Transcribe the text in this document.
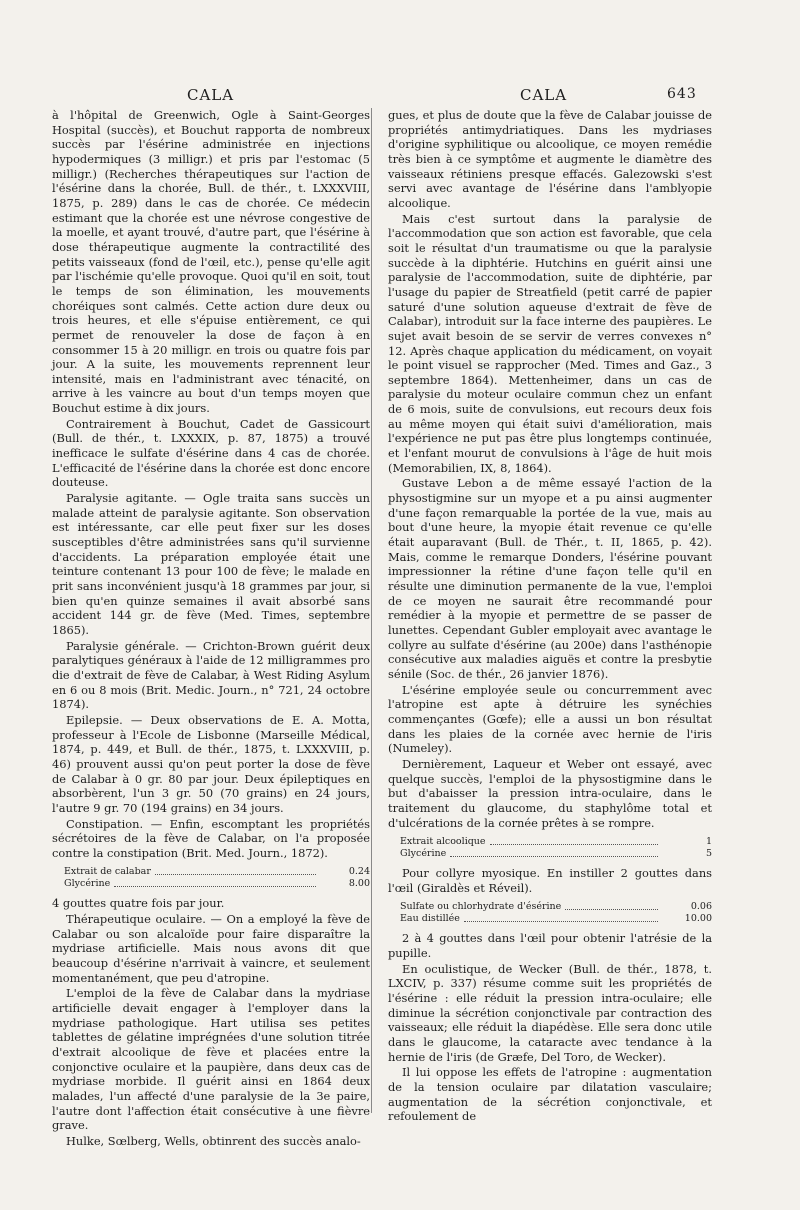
CALA	CALA	643

à l'hôpital de Greenwich, Ogle à Saint-Georges Hospital (succès), et Bouchut rapporta de nombreux succès par l'ésérine administrée en injections hypodermiques (3 milligr.) et pris par l'estomac (5 milligr.) (Recherches thérapeutiques sur l'action de l'ésérine dans la chorée, Bull. de thér., t. LXXXVIII, 1875, p. 289) dans le cas de chorée. Ce médecin estimant que la chorée est une névrose congestive de la moelle, et ayant trouvé, d'autre part, que l'ésérine à dose thérapeutique augmente la contractilité des petits vaisseaux (fond de l'œil, etc.), pense qu'elle agit par l'ischémie qu'elle provoque. Quoi qu'il en soit, tout le temps de son élimination, les mouvements choréiques sont calmés. Cette action dure deux ou trois heures, et elle s'épuise entièrement, ce qui permet de renouveler la dose de façon à en consommer 15 à 20 milligr. en trois ou quatre fois par jour. A la suite, les mouvements reprennent leur intensité, mais en l'administrant avec ténacité, on arrive à les vaincre au bout d'un temps moyen que Bouchut estime à dix jours.

Contrairement à Bouchut, Cadet de Gassicourt (Bull. de thér., t. LXXXIX, p. 87, 1875) a trouvé inefficace le sulfate d'ésérine dans 4 cas de chorée. L'efficacité de l'ésérine dans la chorée est donc encore douteuse.

Paralysie agitante. — Ogle traita sans succès un malade atteint de paralysie agitante. Son observation est intéressante, car elle peut fixer sur les doses susceptibles d'être administrées sans qu'il survienne d'accidents. La préparation employée était une teinture contenant 13 pour 100 de fève; le malade en prit sans inconvénient jusqu'à 18 grammes par jour, si bien qu'en quinze semaines il avait absorbé sans accident 144 gr. de fève (Med. Times, septembre 1865).

Paralysie générale. — Crichton-Brown guérit deux paralytiques généraux à l'aide de 12 milligrammes pro die d'extrait de fève de Calabar, à West Riding Asylum en 6 ou 8 mois (Brit. Medic. Journ., n° 721, 24 octobre 1874).

Epilepsie. — Deux observations de E. A. Motta, professeur à l'Ecole de Lisbonne (Marseille Médical, 1874, p. 449, et Bull. de thér., 1875, t. LXXXVIII, p. 46) prouvent aussi qu'on peut porter la dose de fève de Calabar à 0 gr. 80 par jour. Deux épileptiques en absorbèrent, l'un 3 gr. 50 (70 grains) en 24 jours, l'autre 9 gr. 70 (194 grains) en 34 jours.

Constipation. — Enfin, escomptant les propriétés sécrétoires de la fève de Calabar, on l'a proposée contre la constipation (Brit. Med. Journ., 1872).

Extrait de calabar	0.24
Glycérine	8.00

4 gouttes quatre fois par jour.

Thérapeutique oculaire. — On a employé la fève de Calabar ou son alcaloïde pour faire disparaître la mydriase artificielle. Mais nous avons dit que beaucoup d'ésérine n'arrivait à vaincre, et seulement momentanément, que peu d'atropine.

L'emploi de la fève de Calabar dans la mydriase artificielle devait engager à l'employer dans la mydriase pathologique. Hart utilisa ses petites tablettes de gélatine imprégnées d'une solution titrée d'extrait alcoolique de fève et placées entre la conjonctive oculaire et la paupière, dans deux cas de mydriase morbide. Il guérit ainsi en 1864 deux malades, l'un affecté d'une paralysie de la 3e paire, l'autre dont l'affection était consécutive à une fièvre grave.

Hulke, Sœlberg, Wells, obtinrent des succès analo-

gues, et plus de doute que la fève de Calabar jouisse de propriétés antimydriatiques. Dans les mydriases d'origine syphilitique ou alcoolique, ce moyen remédie très bien à ce symptôme et augmente le diamètre des vaisseaux rétiniens presque effacés. Galezowski s'est servi avec avantage de l'ésérine dans l'amblyopie alcoolique.

Mais c'est surtout dans la paralysie de l'accommodation que son action est favorable, que cela soit le résultat d'un traumatisme ou que la paralysie succède à la diphtérie. Hutchins en guérit ainsi une paralysie de l'accommodation, suite de diphtérie, par l'usage du papier de Streatfield (petit carré de papier saturé d'une solution aqueuse d'extrait de fève de Calabar), introduit sur la face interne des paupières. Le sujet avait besoin de se servir de verres convexes n° 12. Après chaque application du médicament, on voyait le point visuel se rapprocher (Med. Times and Gaz., 3 septembre 1864). Mettenheimer, dans un cas de paralysie du moteur oculaire commun chez un enfant de 6 mois, suite de convulsions, eut recours deux fois au même moyen qui était suivi d'amélioration, mais l'expérience ne put pas être plus longtemps continuée, et l'enfant mourut de convulsions à l'âge de huit mois (Memorabilien, IX, 8, 1864).

Gustave Lebon a de même essayé l'action de la physostigmine sur un myope et a pu ainsi augmenter d'une façon remarquable la portée de la vue, mais au bout d'une heure, la myopie était revenue ce qu'elle était auparavant (Bull. de Thér., t. II, 1865, p. 42). Mais, comme le remarque Donders, l'ésérine pouvant impressionner la rétine d'une façon telle qu'il en résulte une diminution permanente de la vue, l'emploi de ce moyen ne saurait être recommandé pour remédier à la myopie et permettre de se passer de lunettes. Cependant Gubler employait avec avantage le collyre au sulfate d'ésérine (au 200e) dans l'asthénopie consécutive aux maladies aiguës et contre la presbytie sénile (Soc. de thér., 26 janvier 1876).

L'ésérine employée seule ou concurremment avec l'atropine est apte à détruire les synéchies commençantes (Gœfe); elle a aussi un bon résultat dans les plaies de la cornée avec hernie de l'iris (Numeley).

Dernièrement, Laqueur et Weber ont essayé, avec quelque succès, l'emploi de la physostigmine dans le but d'abaisser la pression intra-oculaire, dans le traitement du glaucome, du staphylôme total et d'ulcérations de la cornée prêtes à se rompre.

Extrait alcoolique	1
Glycérine	5

Pour collyre myosique. En instiller 2 gouttes dans l'œil (Giraldès et Réveil).

Sulfate ou chlorhydrate d'ésérine	0.06
Eau distillée	10.00

2 à 4 gouttes dans l'œil pour obtenir l'atrésie de la pupille.

En oculistique, de Wecker (Bull. de thér., 1878, t. LXCIV, p. 337) résume comme suit les propriétés de l'ésérine : elle réduit la pression intra-oculaire; elle diminue la sécrétion conjonctivale par contraction des vaisseaux; elle réduit la diapédèse. Elle sera donc utile dans le glaucome, la cataracte avec tendance à la hernie de l'iris (de Græfe, Del Toro, de Wecker).

Il lui oppose les effets de l'atropine : augmentation de la tension oculaire par dilatation vasculaire; augmentation de la sécrétion conjonctivale, et refoulement de
